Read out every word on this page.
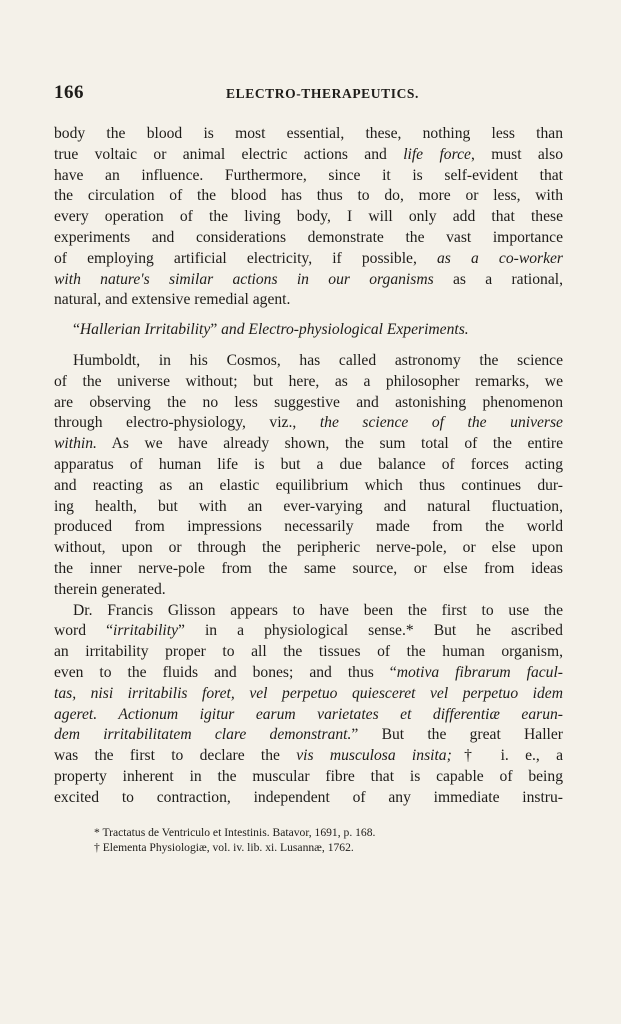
166	ELECTRO-THERAPEUTICS.
body the blood is most essential, these, nothing less than
true voltaic or animal electric actions and life force, must also
have an influence. Furthermore, since it is self-evident that
the circulation of the blood has thus to do, more or less, with
every operation of the living body, I will only add that these
experiments and considerations demonstrate the vast importance
of employing artificial electricity, if possible, as a co-worker
with nature's similar actions in our organisms as a rational,
natural, and extensive remedial agent.
“Hallerian Irritability” and Electro-physiological Experiments.
Humboldt, in his Cosmos, has called astronomy the science
of the universe without; but here, as a philosopher remarks, we
are observing the no less suggestive and astonishing phenomenon
through electro-physiology, viz., the science of the universe
within. As we have already shown, the sum total of the entire
apparatus of human life is but a due balance of forces acting
and reacting as an elastic equilibrium which thus continues dur-
ing health, but with an ever-varying and natural fluctuation,
produced from impressions necessarily made from the world
without, upon or through the peripheric nerve-pole, or else upon
the inner nerve-pole from the same source, or else from ideas
therein generated.
Dr. Francis Glisson appears to have been the first to use the
word “irritability” in a physiological sense.* But he ascribed
an irritability proper to all the tissues of the human organism,
even to the fluids and bones; and thus “motiva fibrarum facul-
tas, nisi irritabilis foret, vel perpetuo quiesceret vel perpetuo idem
ageret. Actionum igitur earum varietates et differentiæ earun-
dem irritabilitatem clare demonstrant.” But the great Haller
was the first to declare the vis musculosa insita;† i. e., a
property inherent in the muscular fibre that is capable of being
excited to contraction, independent of any immediate instru-
* Tractatus de Ventriculo et Intestinis. Batavor, 1691, p. 168.
† Elementa Physiologiæ, vol. iv. lib. xi. Lusannæ, 1762.
